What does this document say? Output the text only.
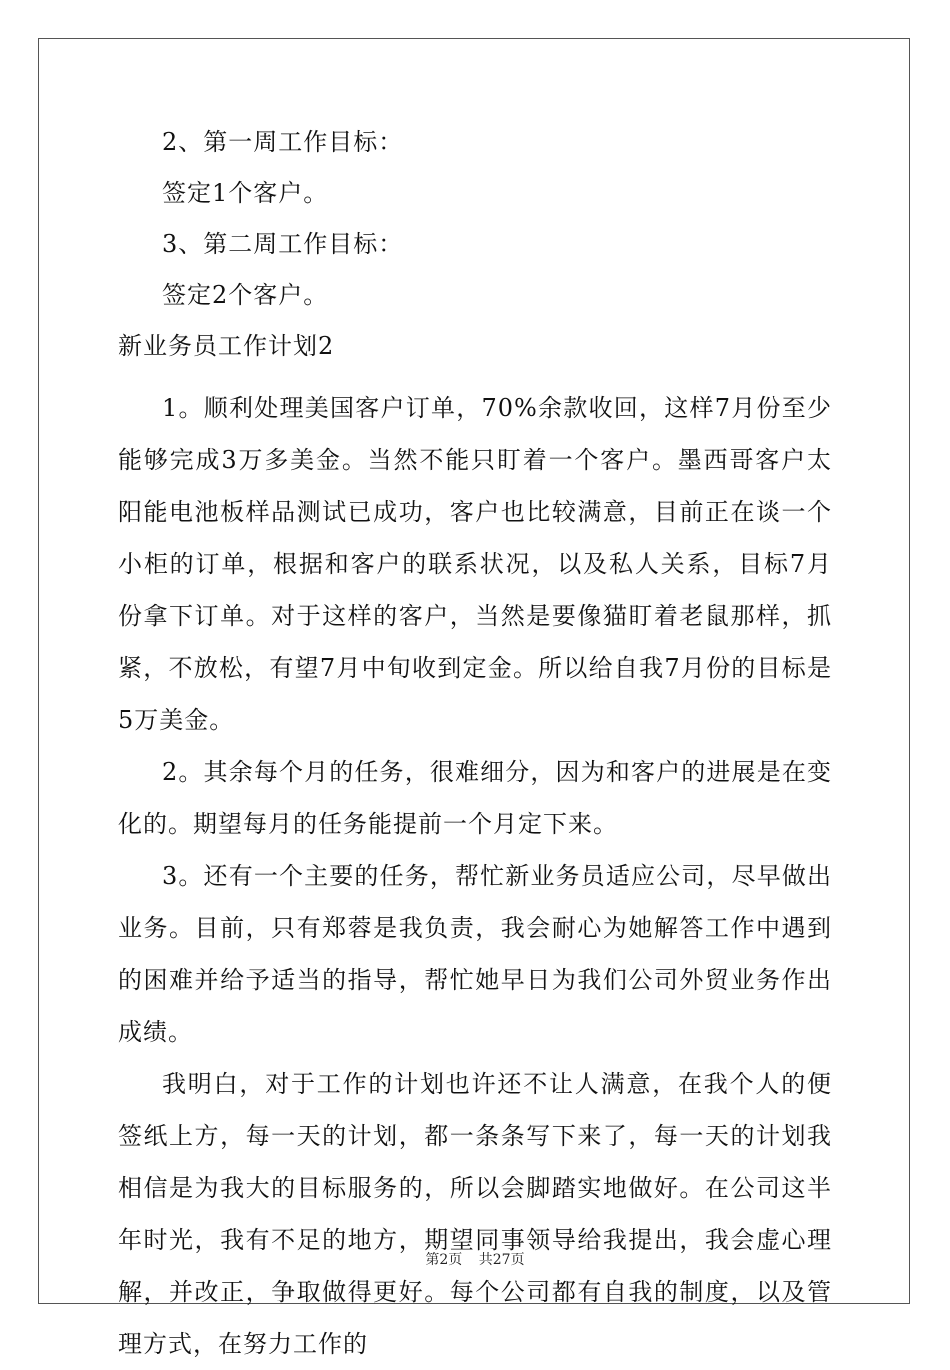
2、第一周工作目标：
签定1个客户。
3、第二周工作目标：
签定2个客户。
新业务员工作计划2

1。顺利处理美国客户订单，70%余款收回，这样7月份至少能够完成3万多美金。当然不能只盯着一个客户。墨西哥客户太阳能电池板样品测试已成功，客户也比较满意，目前正在谈一个小柜的订单，根据和客户的联系状况，以及私人关系，目标7月份拿下订单。对于这样的客户，当然是要像猫盯着老鼠那样，抓紧，不放松，有望7月中旬收到定金。所以给自我7月份的目标是5万美金。

2。其余每个月的任务，很难细分，因为和客户的进展是在变化的。期望每月的任务能提前一个月定下来。

3。还有一个主要的任务，帮忙新业务员适应公司，尽早做出业务。目前，只有郑蓉是我负责，我会耐心为她解答工作中遇到的困难并给予适当的指导，帮忙她早日为我们公司外贸业务作出成绩。

我明白，对于工作的计划也许还不让人满意，在我个人的便签纸上方，每一天的计划，都一条条写下来了，每一天的计划我相信是为我大的目标服务的，所以会脚踏实地做好。在公司这半年时光，我有不足的地方，期望同事领导给我提出，我会虚心理解，并改正，争取做得更好。每个公司都有自我的制度，以及管理方式，在努力工作的

第2页 共27页
